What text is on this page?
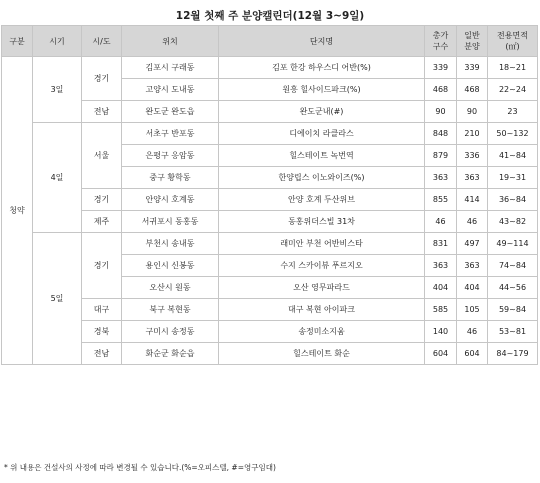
12월 첫째 주 분양캘린더(12월 3~9일)
구분	시기	시/도	위치	단지명	총가
구수	일반
분양	전용면적
(㎡)
청약	3일	경기	김포시 구래동	김포 한강 하우스디 어반(%)	339	339	18~21
			고양시 도내동	원흥 힐사이드파크(%)	468	468	22~24
		전남	완도군 완도읍	완도군내(#)	90	90	23
	4일	서울	서초구 반포동	디에이치 라클라스	848	210	50~132
			은평구 응암동	힐스테이트 녹번역	879	336	41~84
			중구 황학동	한양립스 이노와이즈(%)	363	363	19~31
		경기	안양시 호계동	안양 호계 두산위브	855	414	36~84
		제주	서귀포시 동홍동	동홍위더스빌 31차	46	46	43~82
	5일	경기	부천시 송내동	래미안 부천 어반비스타	831	497	49~114
			용인시 신봉동	수지 스카이뷰 푸르지오	363	363	74~84
			오산시 원동	오산 영무파라드	404	404	44~56
		대구	북구 복현동	대구 복현 아이파크	585	105	59~84
		경북	구미시 송정동	송정미소지움	140	46	53~81
		전남	화순군 화순읍	힐스테이트 화순	604	604	84~179
* 위 내용은 건설사의 사정에 따라 변경될 수 있습니다.(%=오피스텔, #=영구임대)
